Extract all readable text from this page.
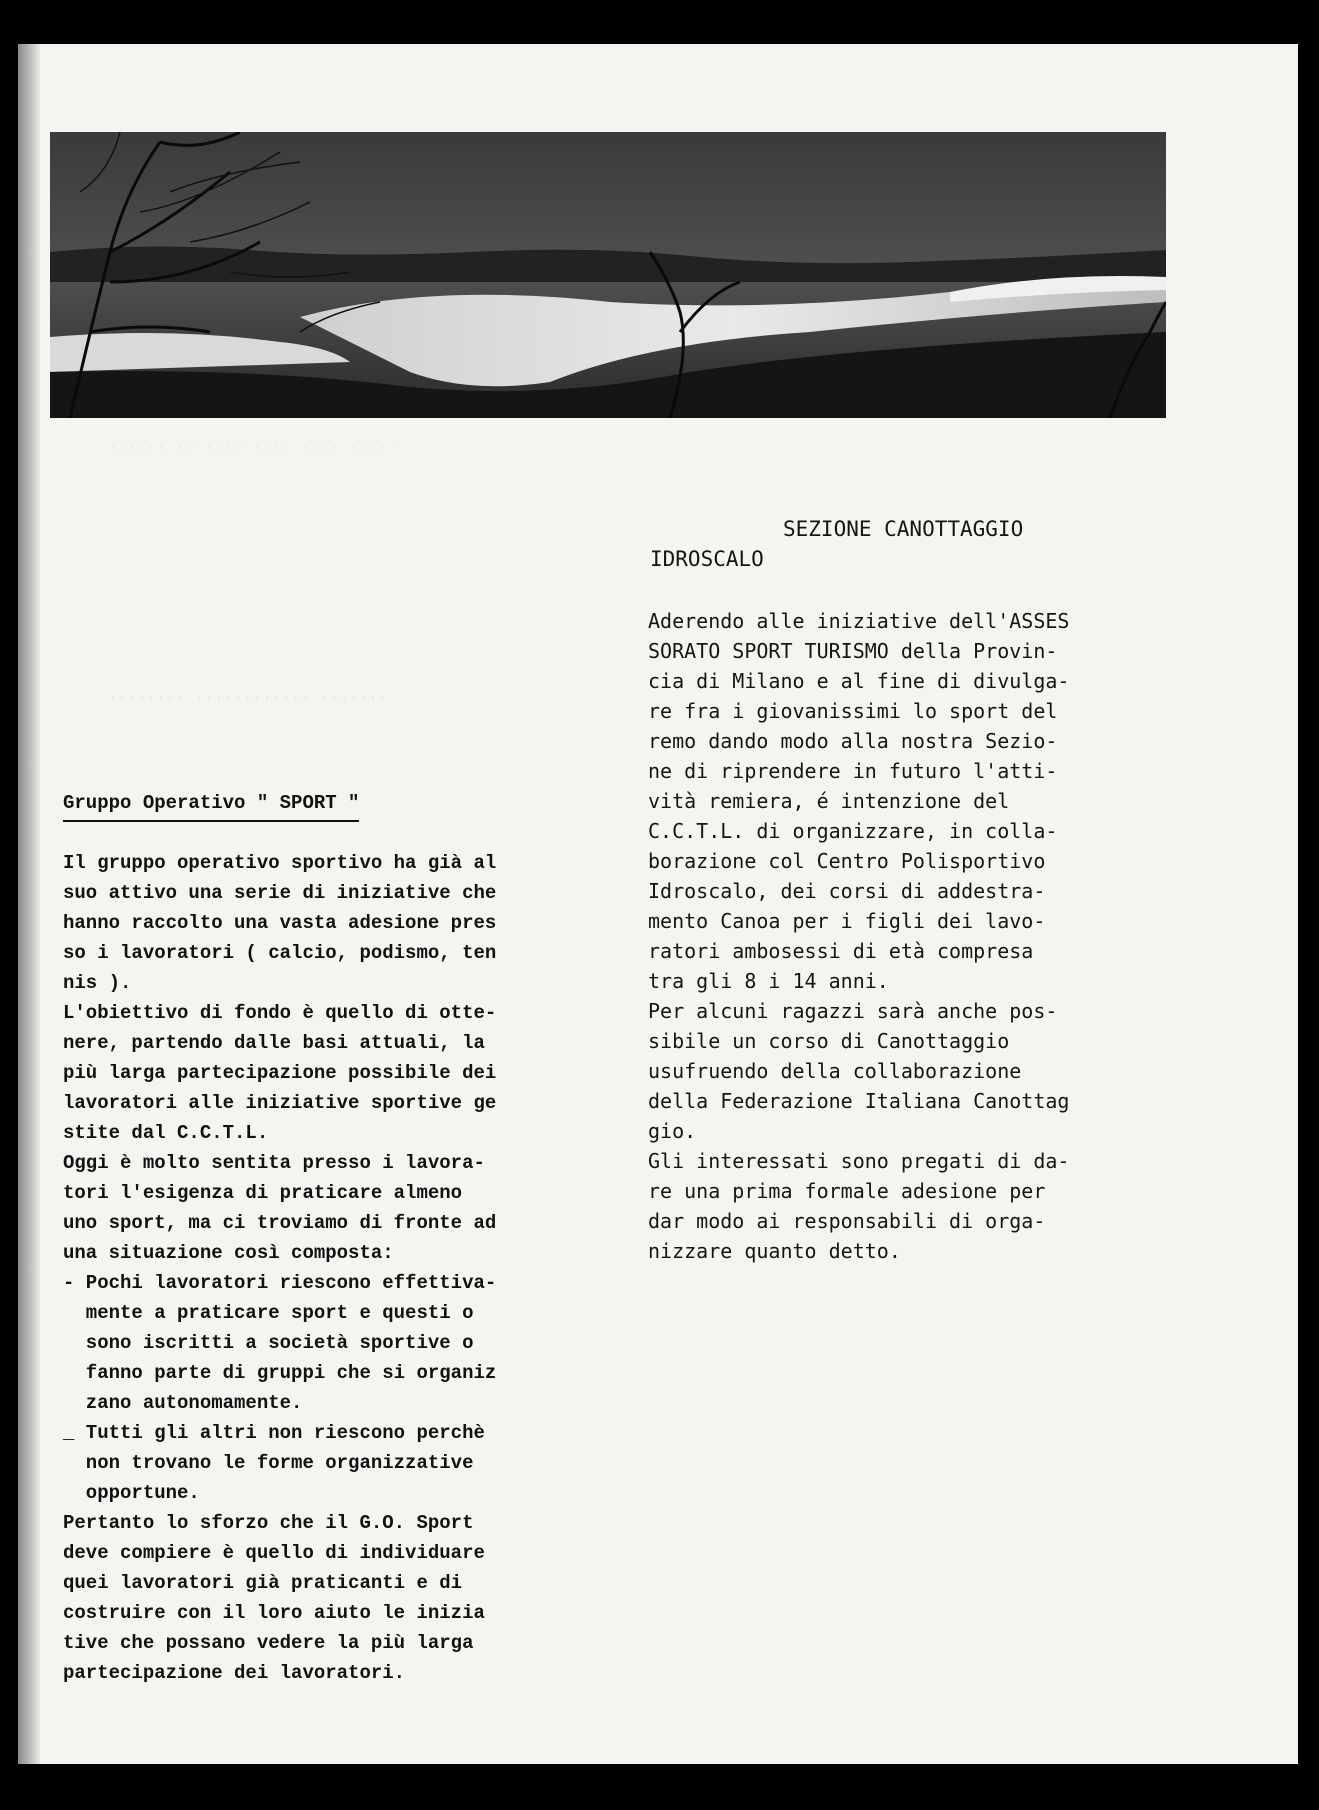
...... ............ ..........
........ ............ .......
SEZIONE CANOTTAGGIO
IDROSCALO
Aderendo alle iniziative dell'ASSES
SORATO SPORT TURISMO della Provin-
cia di Milano e al fine di divulga-
re fra i giovanissimi lo sport del
remo dando modo alla nostra Sezio-
ne di riprendere in futuro l'atti-
vità remiera, é intenzione del
C.C.T.L. di organizzare, in colla-
borazione col Centro Polisportivo
Idroscalo, dei corsi di addestra-
mento Canoa per i figli dei lavo-
ratori ambosessi di età compresa
tra gli 8 i 14 anni.
Per alcuni ragazzi sarà anche pos-
sibile un corso di Canottaggio
usufruendo della collaborazione
della Federazione Italiana Canottag
gio.
Gli interessati sono pregati di da-
re una prima formale adesione per
dar modo ai responsabili di orga-
nizzare quanto detto.
Gruppo Operativo " SPORT "
Il gruppo operativo sportivo ha già al
suo attivo una serie di iniziative che
hanno raccolto una vasta adesione pres
so i lavoratori ( calcio, podismo, ten
nis ).
L'obiettivo di fondo è quello di otte-
nere, partendo dalle basi attuali, la
più larga partecipazione possibile dei
lavoratori alle iniziative sportive ge
stite dal C.C.T.L.
Oggi è molto sentita presso i lavora-
tori l'esigenza di praticare almeno
uno sport, ma ci troviamo di fronte ad
una situazione così composta:
- Pochi lavoratori riescono effettiva-
mente a praticare sport e questi o
sono iscritti a società sportive o
fanno parte di gruppi che si organiz
zano autonomamente.
_ Tutti gli altri non riescono perchè
non trovano le forme organizzative
opportune.
Pertanto lo sforzo che il G.O. Sport
deve compiere è quello di individuare
quei lavoratori già praticanti e di
costruire con il loro aiuto le inizia
tive che possano vedere la più larga
partecipazione dei lavoratori.
